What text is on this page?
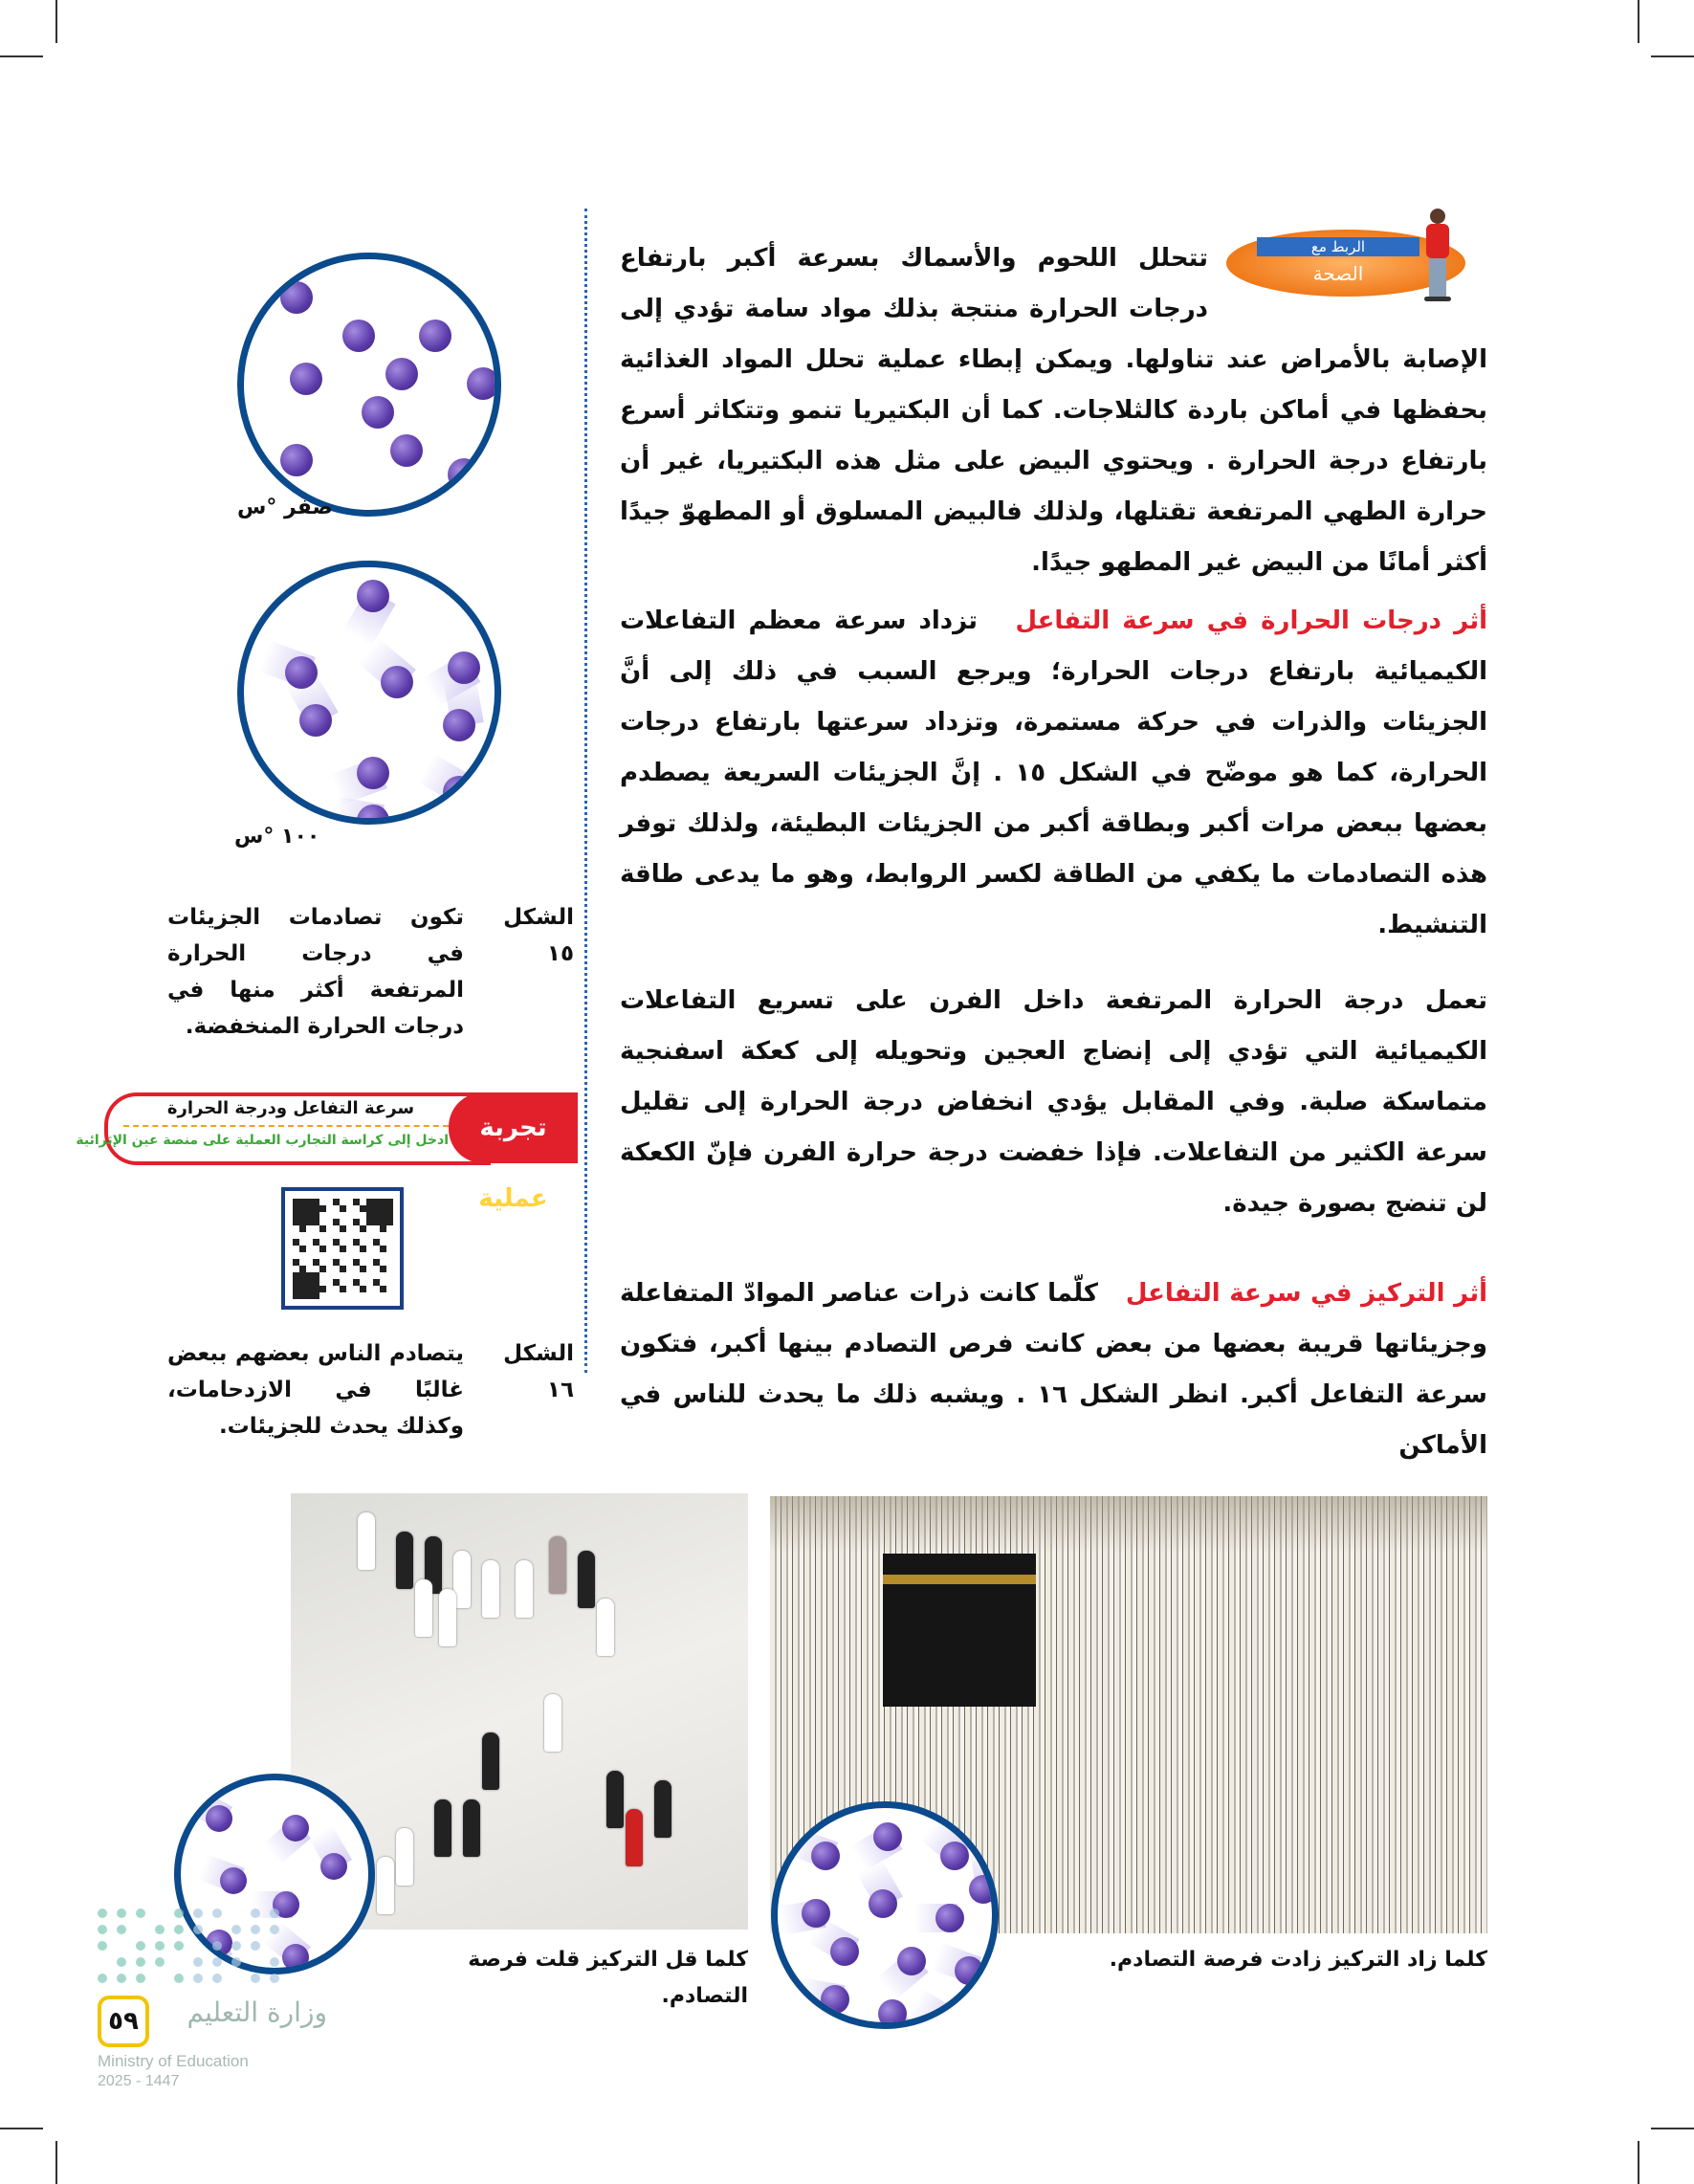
الربط مع
الصحة
تتحلل اللحوم والأسماك بسرعة أكبر بارتفاع درجات الحرارة منتجة بذلك مواد سامة تؤدي إلى الإصابة بالأمراض عند تناولها. ويمكن إبطاء عملية تحلل المواد الغذائية بحفظها في أماكن باردة كالثلاجات. كما أن البكتيريا تنمو وتتكاثر أسرع بارتفاع درجة الحرارة . ويحتوي البيض على مثل هذه البكتيريا، غير أن حرارة الطهي المرتفعة تقتلها، ولذلك فالبيض المسلوق أو المطهوّ جيدًا أكثر أمانًا من البيض غير المطهو جيدًا.
أثر درجات الحرارة في سرعة التفاعل   تزداد سرعة معظم التفاعلات الكيميائية بارتفاع درجات الحرارة؛ ويرجع السبب في ذلك إلى أنَّ الجزيئات والذرات في حركة مستمرة، وتزداد سرعتها بارتفاع درجات الحرارة، كما هو موضّح في الشكل ١٥ . إنَّ الجزيئات السريعة يصطدم بعضها ببعض مرات أكبر وبطاقة أكبر من الجزيئات البطيئة، ولذلك توفر هذه التصادمات ما يكفي من الطاقة لكسر الروابط، وهو ما يدعى طاقة التنشيط.
تعمل درجة الحرارة المرتفعة داخل الفرن على تسريع التفاعلات الكيميائية التي تؤدي إلى إنضاج العجين وتحويله إلى كعكة اسفنجية متماسكة صلبة. وفي المقابل يؤدي انخفاض درجة الحرارة إلى تقليل سرعة الكثير من التفاعلات. فإذا خفضت درجة حرارة الفرن فإنّ الكعكة لن تنضج بصورة جيدة.
أثر التركيز في سرعة التفاعل   كلّما كانت ذرات عناصر الموادّ المتفاعلة وجزيئاتها قريبة بعضها من بعض كانت فرص التصادم بينها أكبر، فتكون سرعة التفاعل أكبر. انظر الشكل ١٦ . ويشبه ذلك ما يحدث للناس في الأماكن
صفر °س
١٠٠ °س
الشكل ١٥
تكون تصادمات الجزيئات في درجات الحرارة المرتفعة أكثر منها في درجات الحرارة المنخفضة.
تجربة عملية
سرعة التفاعل ودرجة الحرارة
ادخل إلى كراسة التجارب العملية على منصة عين الإثرائية
الشكل ١٦
يتصادم الناس بعضهم ببعض غالبًا في الازدحامات، وكذلك يحدث للجزيئات.
كلما قل التركيز قلت فرصة التصادم.
كلما زاد التركيز زادت فرصة التصادم.
وزارة التعليم
Ministry of Education
2025 - 1447
٥٩
